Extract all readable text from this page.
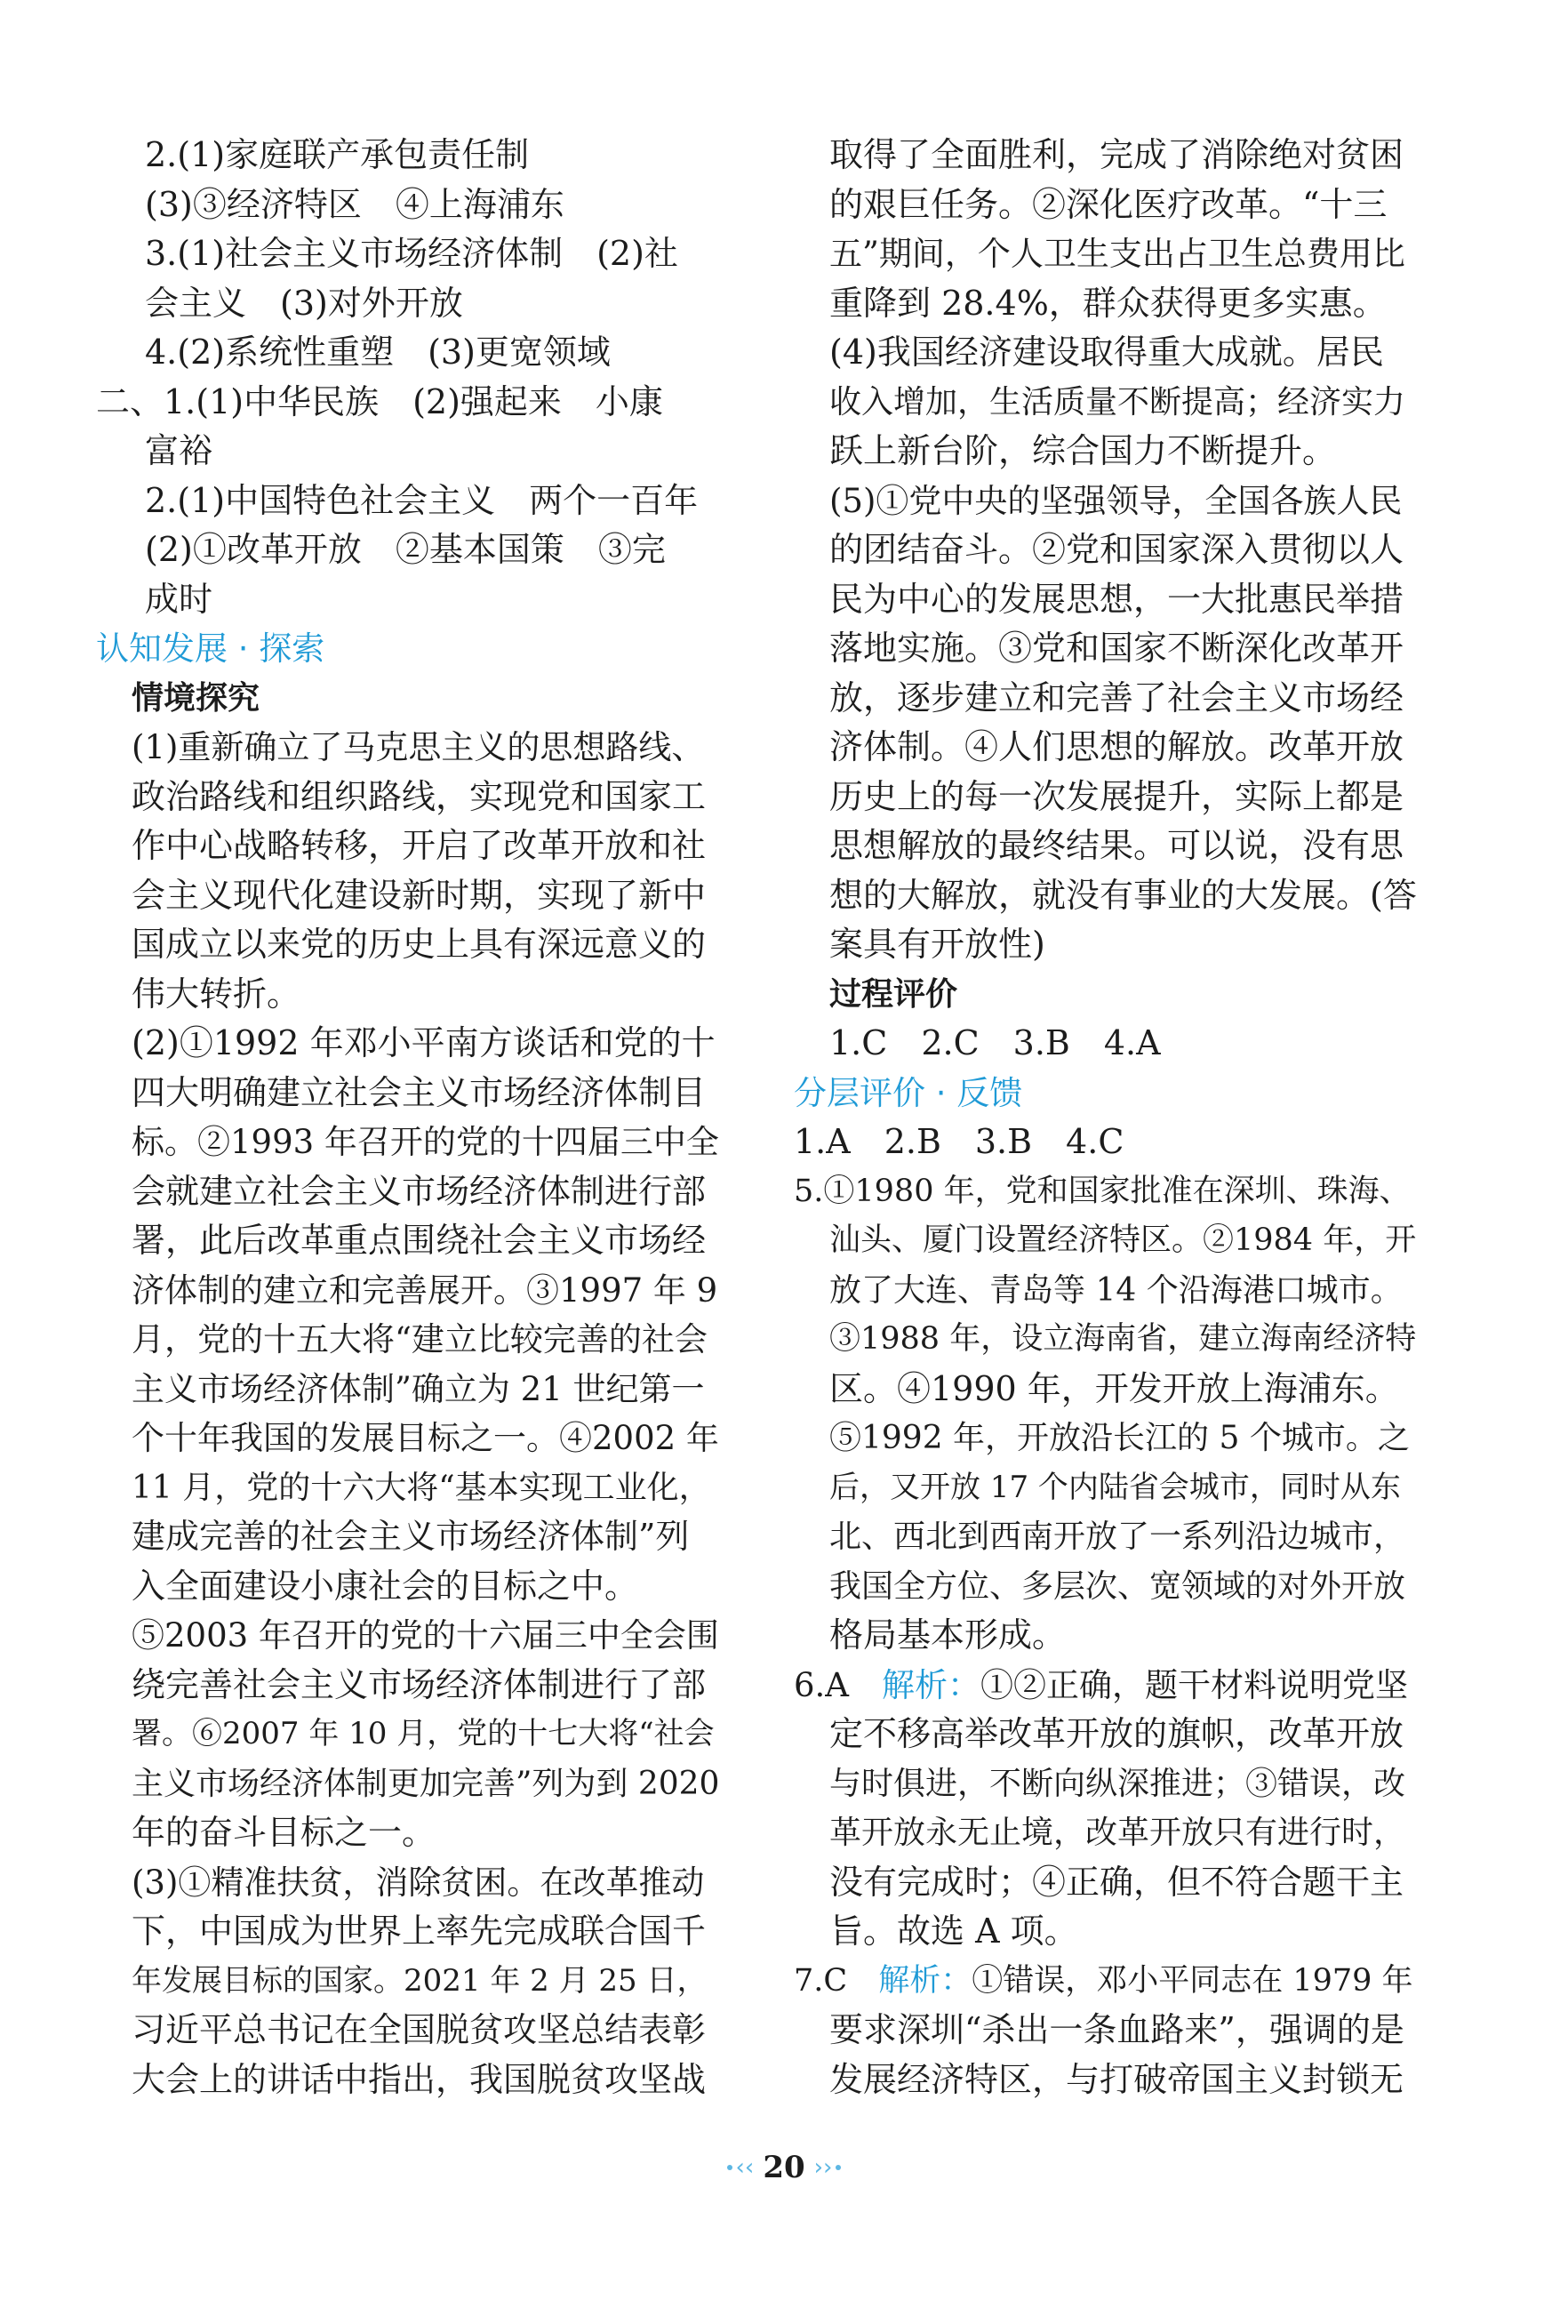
2.(1)家庭联产承包责任制
(3)③经济特区　④上海浦东
3.(1)社会主义市场经济体制　(2)社
会主义　(3)对外开放
4.(2)系统性重塑　(3)更宽领域
二、1.(1)中华民族　(2)强起来　小康
富裕
2.(1)中国特色社会主义　两个一百年
(2)①改革开放　②基本国策　③完
成时
认知发展 · 探索
情境探究
(1)重新确立了马克思主义的思想路线、
政治路线和组织路线，实现党和国家工
作中心战略转移，开启了改革开放和社
会主义现代化建设新时期，实现了新中
国成立以来党的历史上具有深远意义的
伟大转折。
(2)①1992 年邓小平南方谈话和党的十
四大明确建立社会主义市场经济体制目
标。②1993 年召开的党的十四届三中全
会就建立社会主义市场经济体制进行部
署，此后改革重点围绕社会主义市场经
济体制的建立和完善展开。③1997 年 9
月，党的十五大将“建立比较完善的社会
主义市场经济体制”确立为 21 世纪第一
个十年我国的发展目标之一。④2002 年
11 月，党的十六大将“基本实现工业化，
建成完善的社会主义市场经济体制”列
入全面建设小康社会的目标之中。
⑤2003 年召开的党的十六届三中全会围
绕完善社会主义市场经济体制进行了部
署。⑥2007 年 10 月，党的十七大将“社会
主义市场经济体制更加完善”列为到 2020
年的奋斗目标之一。
(3)①精准扶贫，消除贫困。在改革推动
下，中国成为世界上率先完成联合国千
年发展目标的国家。2021 年 2 月 25 日，
习近平总书记在全国脱贫攻坚总结表彰
大会上的讲话中指出，我国脱贫攻坚战
取得了全面胜利，完成了消除绝对贫困
的艰巨任务。②深化医疗改革。“十三
五”期间，个人卫生支出占卫生总费用比
重降到 28.4%，群众获得更多实惠。
(4)我国经济建设取得重大成就。居民
收入增加，生活质量不断提高；经济实力
跃上新台阶，综合国力不断提升。
(5)①党中央的坚强领导，全国各族人民
的团结奋斗。②党和国家深入贯彻以人
民为中心的发展思想，一大批惠民举措
落地实施。③党和国家不断深化改革开
放，逐步建立和完善了社会主义市场经
济体制。④人们思想的解放。改革开放
历史上的每一次发展提升，实际上都是
思想解放的最终结果。可以说，没有思
想的大解放，就没有事业的大发展。(答
案具有开放性)
过程评价
1.C　2.C　3.B　4.A
分层评价 · 反馈
1.A　2.B　3.B　4.C
5.①1980 年，党和国家批准在深圳、珠海、
汕头、厦门设置经济特区。②1984 年，开
放了大连、青岛等 14 个沿海港口城市。
③1988 年，设立海南省，建立海南经济特
区。④1990 年，开发开放上海浦东。
⑤1992 年，开放沿长江的 5 个城市。之
后，又开放 17 个内陆省会城市，同时从东
北、西北到西南开放了一系列沿边城市，
我国全方位、多层次、宽领域的对外开放
格局基本形成。
6.A　解析：①②正确，题干材料说明党坚
定不移高举改革开放的旗帜，改革开放
与时俱进，不断向纵深推进；③错误，改
革开放永无止境，改革开放只有进行时，
没有完成时；④正确，但不符合题干主
旨。故选 A 项。
7.C　解析：①错误，邓小平同志在 1979 年
要求深圳“杀出一条血路来”，强调的是
发展经济特区，与打破帝国主义封锁无
‹‹ 20 ››
